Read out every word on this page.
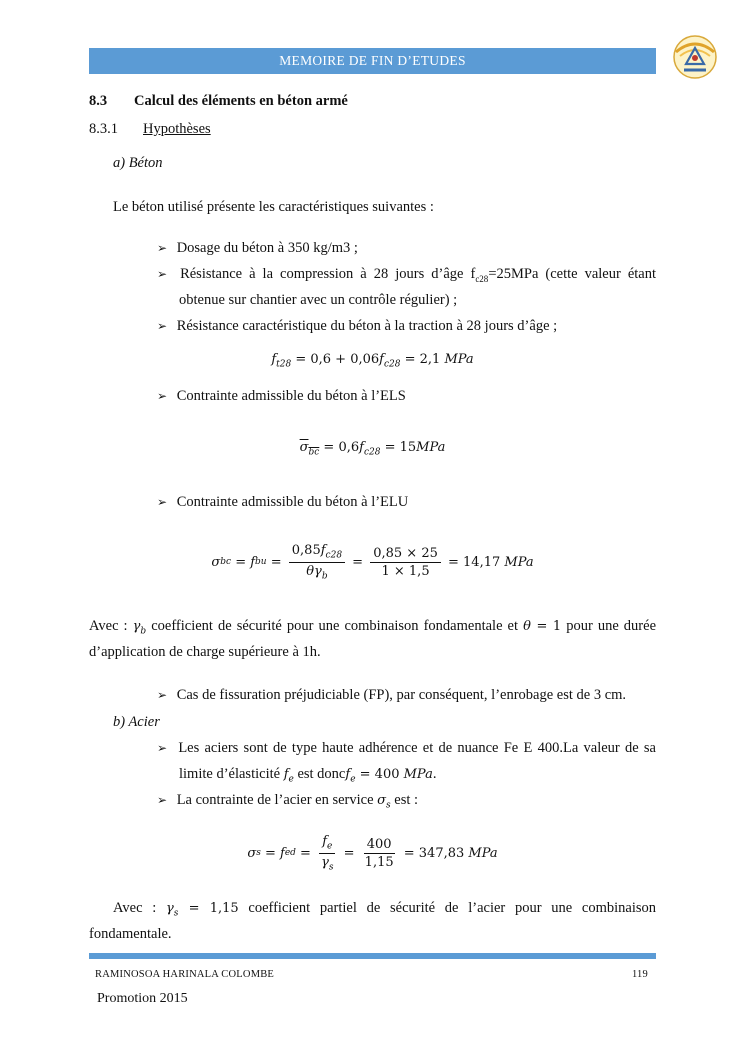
MEMOIRE DE FIN D’ETUDES
8.3 Calcul des éléments en béton armé
8.3.1 Hypothèses
a) Béton
Le béton utilisé présente les caractéristiques suivantes :
➢ Dosage du béton à 350 kg/m3 ;
➢ Résistance à la compression à 28 jours d’âge $f_{c28}=25MPa$ (cette valeur étant
obtenue sur chantier avec un contrôle régulier) ;
➢ Résistance caractéristique du béton à la traction à 28 jours d’âge ;
$f_{t28} = 0,6 + 0,06f_{c28} = 2,1$ MPa
➢ Contrainte admissible du béton à l’ELS
$\sigma_{bc} = 0,6f_{c28} = 15MPa$
➢ Contrainte admissible du béton à l’ELU
σ bc = f bu = $\frac{0,85f_{c28}}{\theta\gamma_b} = \frac{0,85 \times 25}{1 \times 1,5} = 14,17$ MPa
Avec : $\gamma_b$ coefficient de sécurité pour une combinaison fondamentale et θ = 1 pour une durée
d’application de charge supérieure à 1h.
➢ Cas de fissuration préjudiciable (FP), par conséquent, l’enrobage est de 3 cm.
b) Acier
➢ Les aciers sont de type haute adhérence et de nuance Fe E 400.La valeur de sa
limite d’élasticité $f_e$ est doncf$_e$ = 400 MPa.
➢ La contrainte de l’acier en service $\sigma_s$ est :
σ s = f ed = $\frac{f_e}{\gamma_s} = \frac{400}{1,15} = 347,83$ MPa
Avec : $\gamma_s = 1,15$ coefficient partiel de sécurité de l’acier pour une combinaison
fondamentale.
RAMINOSOA HARINALA COLOMBE	119
Promotion 2015
